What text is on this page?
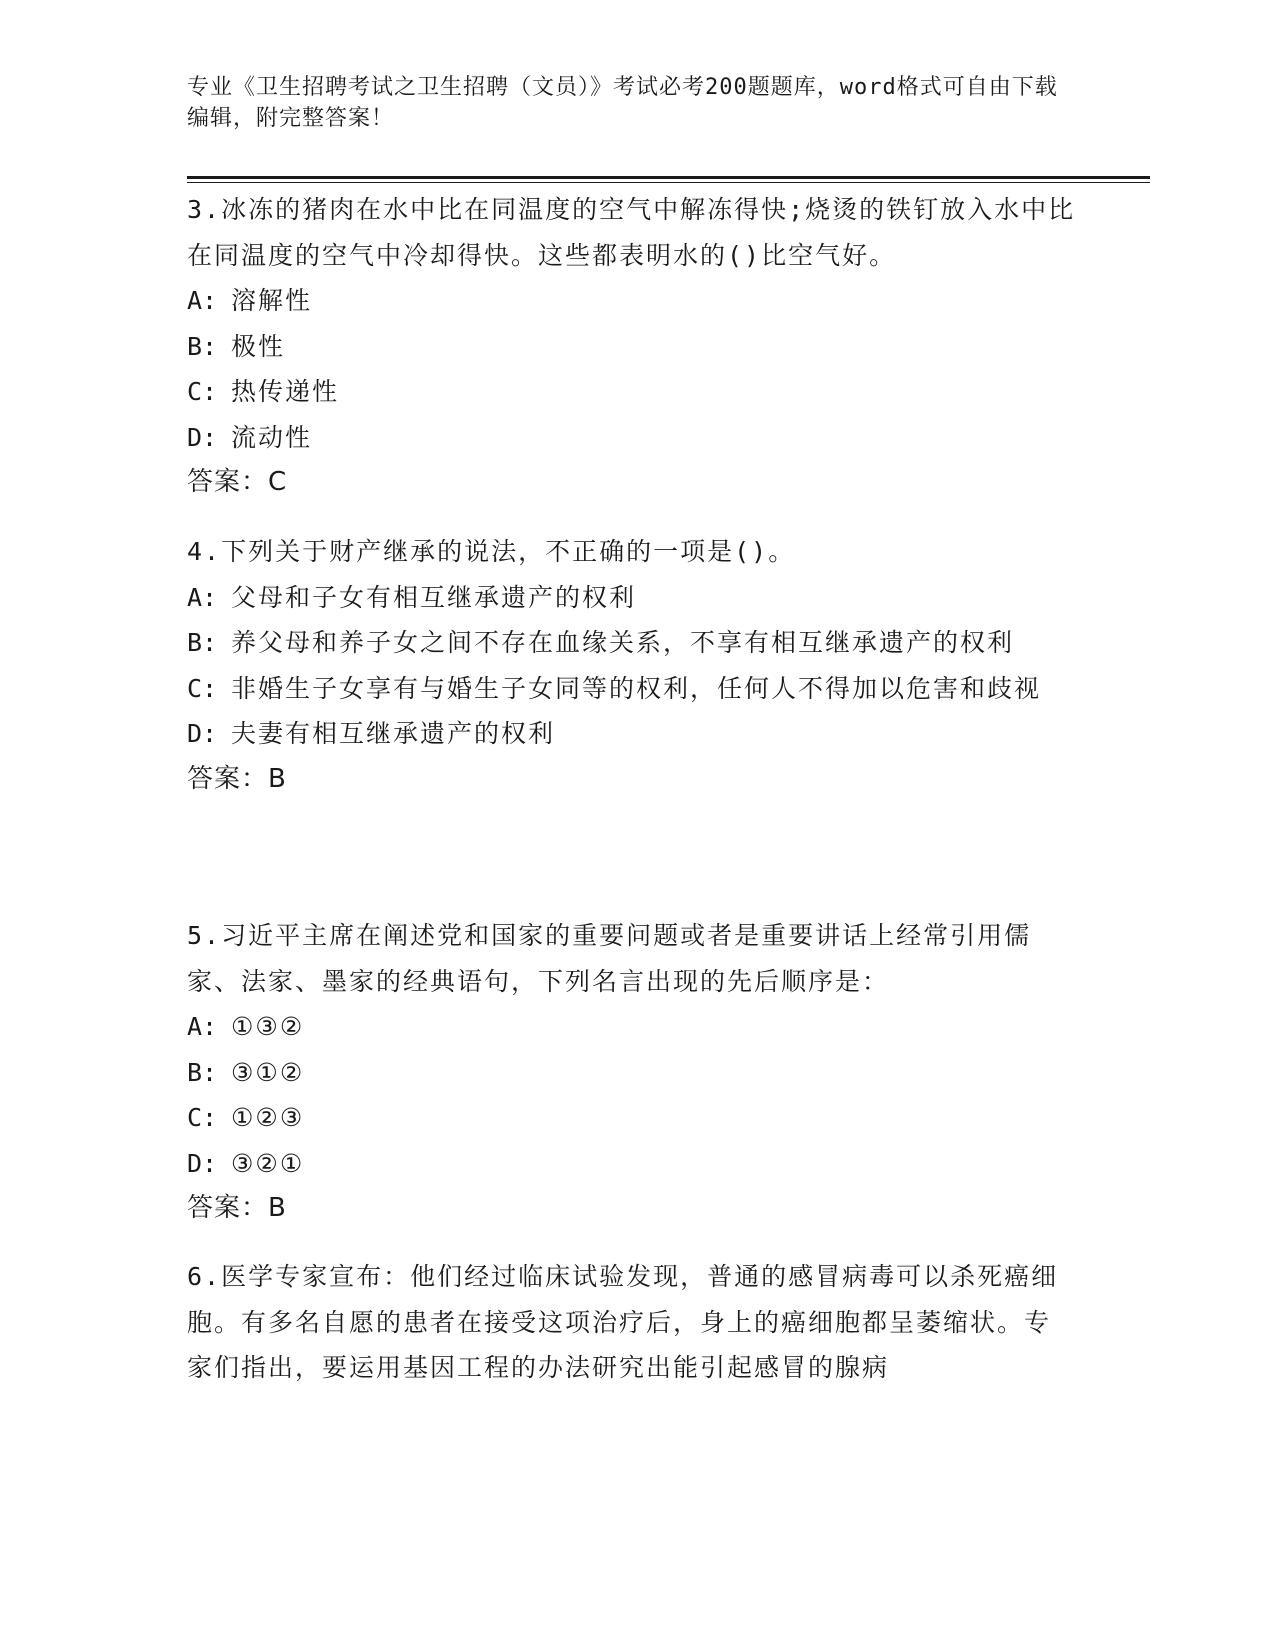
专业《卫生招聘考试之卫生招聘（文员）》考试必考200题题库，word格式可自由下载编辑，附完整答案！

3.冰冻的猪肉在水中比在同温度的空气中解冻得快;烧烫的铁钉放入水中比在同温度的空气中冷却得快。这些都表明水的()比空气好。

A: 溶解性

B: 极性

C: 热传递性

D: 流动性

答案：C

4.下列关于财产继承的说法，不正确的一项是()。

A: 父母和子女有相互继承遗产的权利

B: 养父母和养子女之间不存在血缘关系，不享有相互继承遗产的权利

C: 非婚生子女享有与婚生子女同等的权利，任何人不得加以危害和歧视

D: 夫妻有相互继承遗产的权利

答案：B

5.习近平主席在阐述党和国家的重要问题或者是重要讲话上经常引用儒家、法家、墨家的经典语句，下列名言出现的先后顺序是：

A: ①③②

B: ③①②

C: ①②③

D: ③②①

答案：B

6.医学专家宣布：他们经过临床试验发现，普通的感冒病毒可以杀死癌细胞。有多名自愿的患者在接受这项治疗后，身上的癌细胞都呈萎缩状。专家们指出，要运用基因工程的办法研究出能引起感冒的腺病
